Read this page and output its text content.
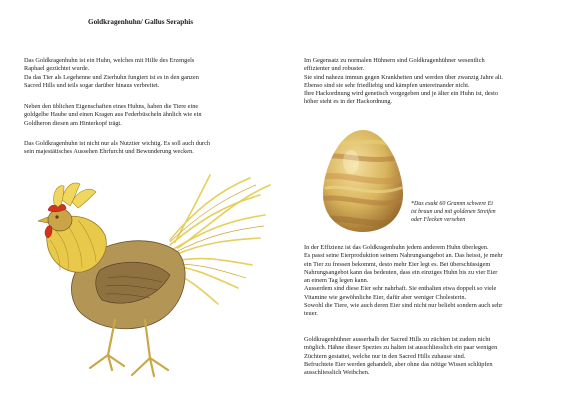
Goldkragenhuhn/ Gallus Seraphis

Das Goldkragenhuhn ist ein Huhn, welches mit Hilfe des Erzengels
Raphael gezüchtet wurde.
Da das Tier als Legehenne und Zierhuhn fungiert ist es in den ganzen
Sacred Hills und teils sogar darüber hinaus verbreitet.

Neben den üblichen Eigenschaften eines Huhns, haben die Tiere eine
goldgelbe Haube und einen Kragen aus Federbüscheln ähnlich wie ein
Goldheron diesen am Hinterkopf trägt.

Das Goldkragenhuhn ist nicht nur als Nutztier wichtig. Es soll auch durch
sein majestätisches Aussehen Ehrfurcht und Bewunderung wecken.

Im Gegensatz zu normalen Hühnern sind Goldkragenhühner wesentlich
effizienter und robuster.
Sie sind nahezu immun gegen Krankheiten und werden über zwanzig Jahre alt.
Ebenso sind sie sehr friedliebig und kämpfen untereinander nicht.
Ihre Hackordnung wird genetisch vorgegeben und je älter ein Huhn ist, desto
höher steht es in der Hackordnung.

*Das exakt 60 Gramm schwere Ei
ist braun und mit goldenen Streifen
oder Flecken versehen

In der Effizienz ist das Goldkragenhuhn jedem anderem Huhn überlegen.
Es passt seine Eierproduktion seinem Nahrungsangebot an. Das heisst, je mehr
ein Tier zu fressen bekommt, desto mehr Eier legt es. Bei überschüssigem
Nahrungsangebot kann das bedeuten, dass ein einziges Huhn bis zu vier Eier
an einem Tag legen kann.
Ausserdem sind diese Eier sehr nahrhaft. Sie enthalten etwa doppelt so viele
Vitamine wie gewöhnliche Eier, dafür aber weniger Cholesterin.
Sowohl die Tiere, wie auch deren Eier sind nicht nur beliebt sondern auch sehr
teuer.

Goldkragenhühner ausserhalb der Sacred Hills zu züchten ist zudem nicht
möglich. Hähne dieser Spezies zu halten ist ausschliesslich ein paar wenigen
Züchtern gestattet, welche nur in den Sacred Hills zuhause sind.
Befruchtete Eier werden gehandelt, aber ohne das nötige Wissen schlüpfen
ausschliesslich Weibchen.
